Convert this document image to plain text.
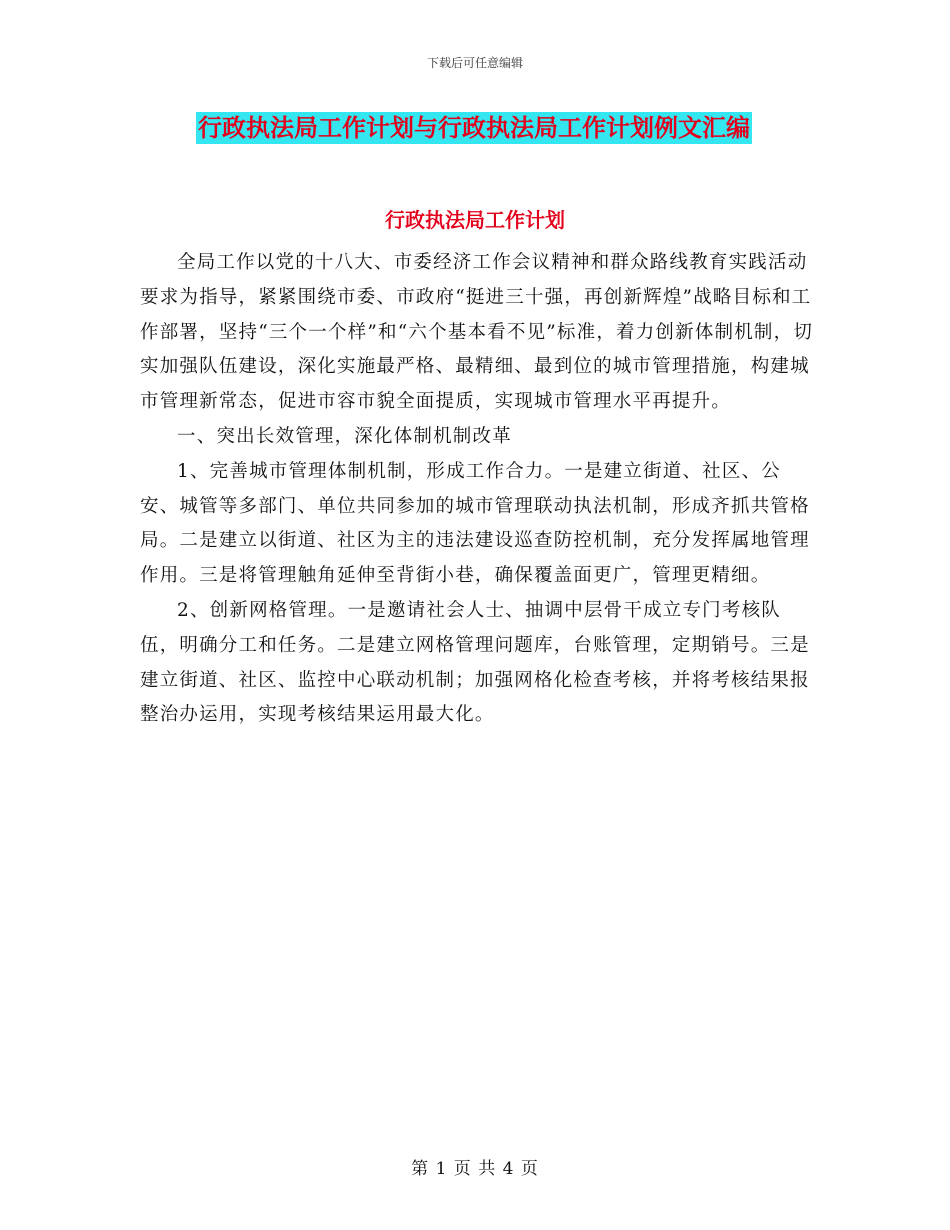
下载后可任意编辑
行政执法局工作计划与行政执法局工作计划例文汇编
行政执法局工作计划

全局工作以党的十八大、市委经济工作会议精神和群众路线教育实践活动要求为指导，紧紧围绕市委、市政府“挺进三十强，再创新辉煌”战略目标和工作部署，坚持“三个一个样”和“六个基本看不见”标准，着力创新体制机制，切实加强队伍建设，深化实施最严格、最精细、最到位的城市管理措施，构建城市管理新常态，促进市容市貌全面提质，实现城市管理水平再提升。

一、突出长效管理，深化体制机制改革

1、完善城市管理体制机制，形成工作合力。一是建立街道、社区、公安、城管等多部门、单位共同参加的城市管理联动执法机制，形成齐抓共管格局。二是建立以街道、社区为主的违法建设巡查防控机制，充分发挥属地管理作用。三是将管理触角延伸至背街小巷，确保覆盖面更广，管理更精细。

2、创新网格管理。一是邀请社会人士、抽调中层骨干成立专门考核队伍，明确分工和任务。二是建立网格管理问题库，台账管理，定期销号。三是建立街道、社区、监控中心联动机制；加强网格化检查考核，并将考核结果报整治办运用，实现考核结果运用最大化。

第 1 页 共 4 页
